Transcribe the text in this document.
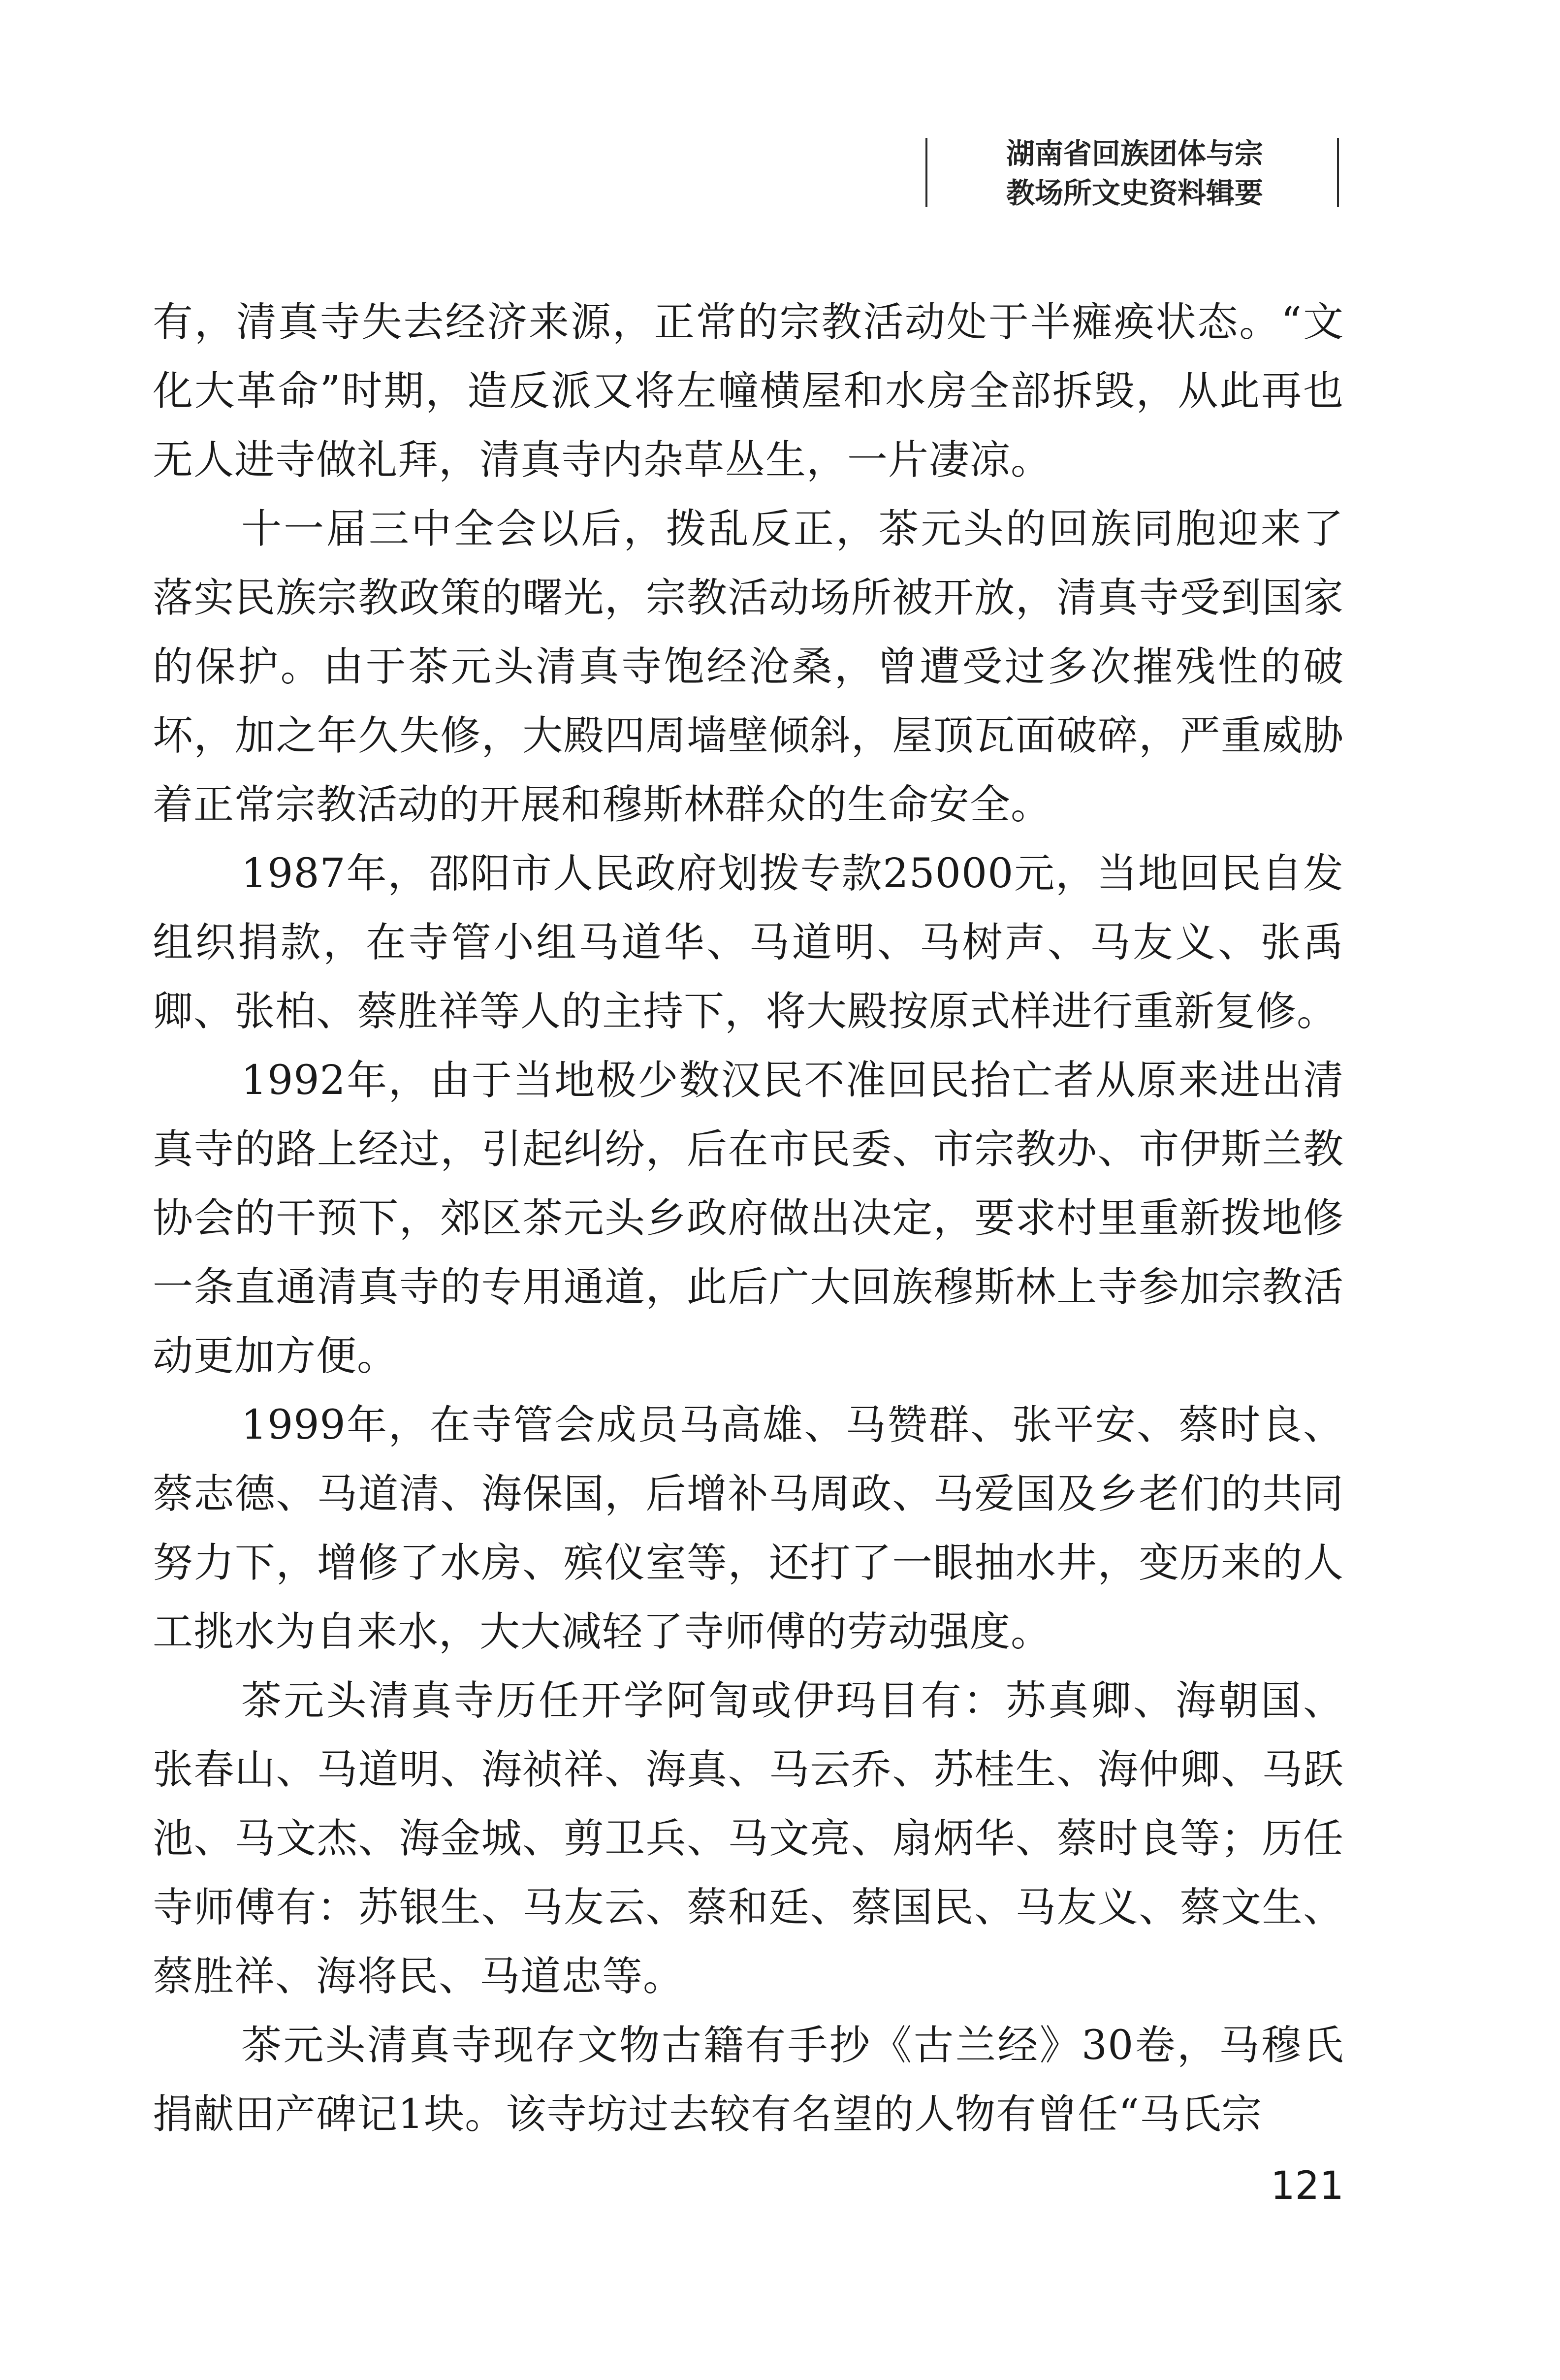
湖南省回族团体与宗
教场所文史资料辑要

有，清真寺失去经济来源，正常的宗教活动处于半瘫痪状态。“文化大革命”时期，造反派又将左幢横屋和水房全部拆毁，从此再也无人进寺做礼拜，清真寺内杂草丛生，一片凄凉。

十一届三中全会以后，拨乱反正，茶元头的回族同胞迎来了落实民族宗教政策的曙光，宗教活动场所被开放，清真寺受到国家的保护。由于茶元头清真寺饱经沧桑，曾遭受过多次摧残性的破坏，加之年久失修，大殿四周墙壁倾斜，屋顶瓦面破碎，严重威胁着正常宗教活动的开展和穆斯林群众的生命安全。

1987年，邵阳市人民政府划拨专款25000元，当地回民自发组织捐款，在寺管小组马道华、马道明、马树声、马友义、张禹卿、张柏、蔡胜祥等人的主持下，将大殿按原式样进行重新复修。

1992年，由于当地极少数汉民不准回民抬亡者从原来进出清真寺的路上经过，引起纠纷，后在市民委、市宗教办、市伊斯兰教协会的干预下，郊区茶元头乡政府做出决定，要求村里重新拨地修一条直通清真寺的专用通道，此后广大回族穆斯林上寺参加宗教活动更加方便。

1999年，在寺管会成员马高雄、马赞群、张平安、蔡时良、蔡志德、马道清、海保国，后增补马周政、马爱国及乡老们的共同努力下，增修了水房、殡仪室等，还打了一眼抽水井，变历来的人工挑水为自来水，大大减轻了寺师傅的劳动强度。

茶元头清真寺历任开学阿訇或伊玛目有：苏真卿、海朝国、张春山、马道明、海祯祥、海真、马云乔、苏桂生、海仲卿、马跃池、马文杰、海金城、剪卫兵、马文亮、扇炳华、蔡时良等；历任寺师傅有：苏银生、马友云、蔡和廷、蔡国民、马友义、蔡文生、蔡胜祥、海将民、马道忠等。

茶元头清真寺现存文物古籍有手抄《古兰经》30卷，马穆氏捐献田产碑记1块。该寺坊过去较有名望的人物有曾任“马氏宗

121
